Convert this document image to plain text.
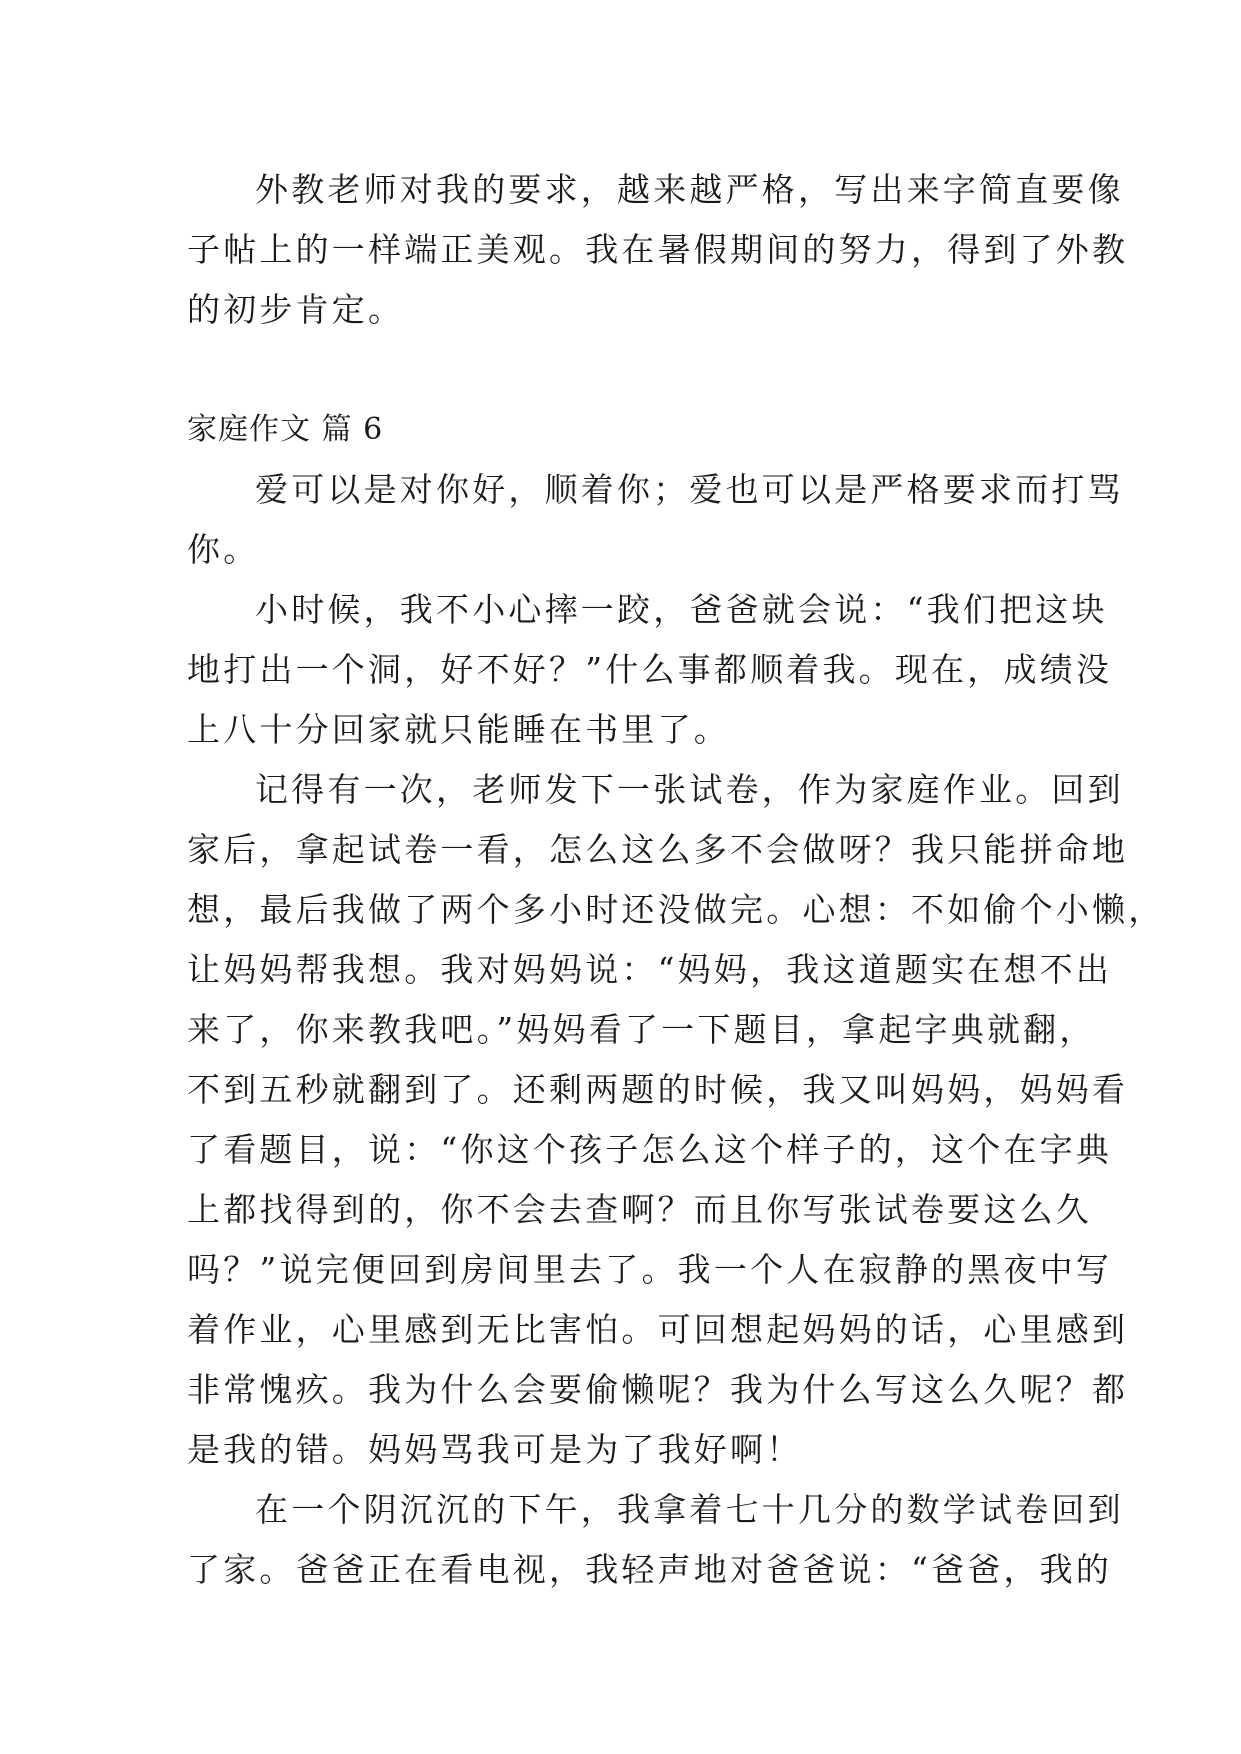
外教老师对我的要求，越来越严格，写出来字简直要像
子帖上的一样端正美观。我在暑假期间的努力，得到了外教
的初步肯定。
家庭作文 篇 6
爱可以是对你好，顺着你；爱也可以是严格要求而打骂
你。
小时候，我不小心摔一跤，爸爸就会说：“我们把这块
地打出一个洞，好不好？”什么事都顺着我。现在，成绩没
上八十分回家就只能睡在书里了。
记得有一次，老师发下一张试卷，作为家庭作业。回到
家后，拿起试卷一看，怎么这么多不会做呀？我只能拼命地
想，最后我做了两个多小时还没做完。心想：不如偷个小懒，
让妈妈帮我想。我对妈妈说：“妈妈，我这道题实在想不出
来了，你来教我吧。”妈妈看了一下题目，拿起字典就翻，
不到五秒就翻到了。还剩两题的时候，我又叫妈妈，妈妈看
了看题目，说：“你这个孩子怎么这个样子的，这个在字典
上都找得到的，你不会去查啊？而且你写张试卷要这么久
吗？”说完便回到房间里去了。我一个人在寂静的黑夜中写
着作业，心里感到无比害怕。可回想起妈妈的话，心里感到
非常愧疚。我为什么会要偷懒呢？我为什么写这么久呢？都
是我的错。妈妈骂我可是为了我好啊！
在一个阴沉沉的下午，我拿着七十几分的数学试卷回到
了家。爸爸正在看电视，我轻声地对爸爸说：“爸爸，我的
